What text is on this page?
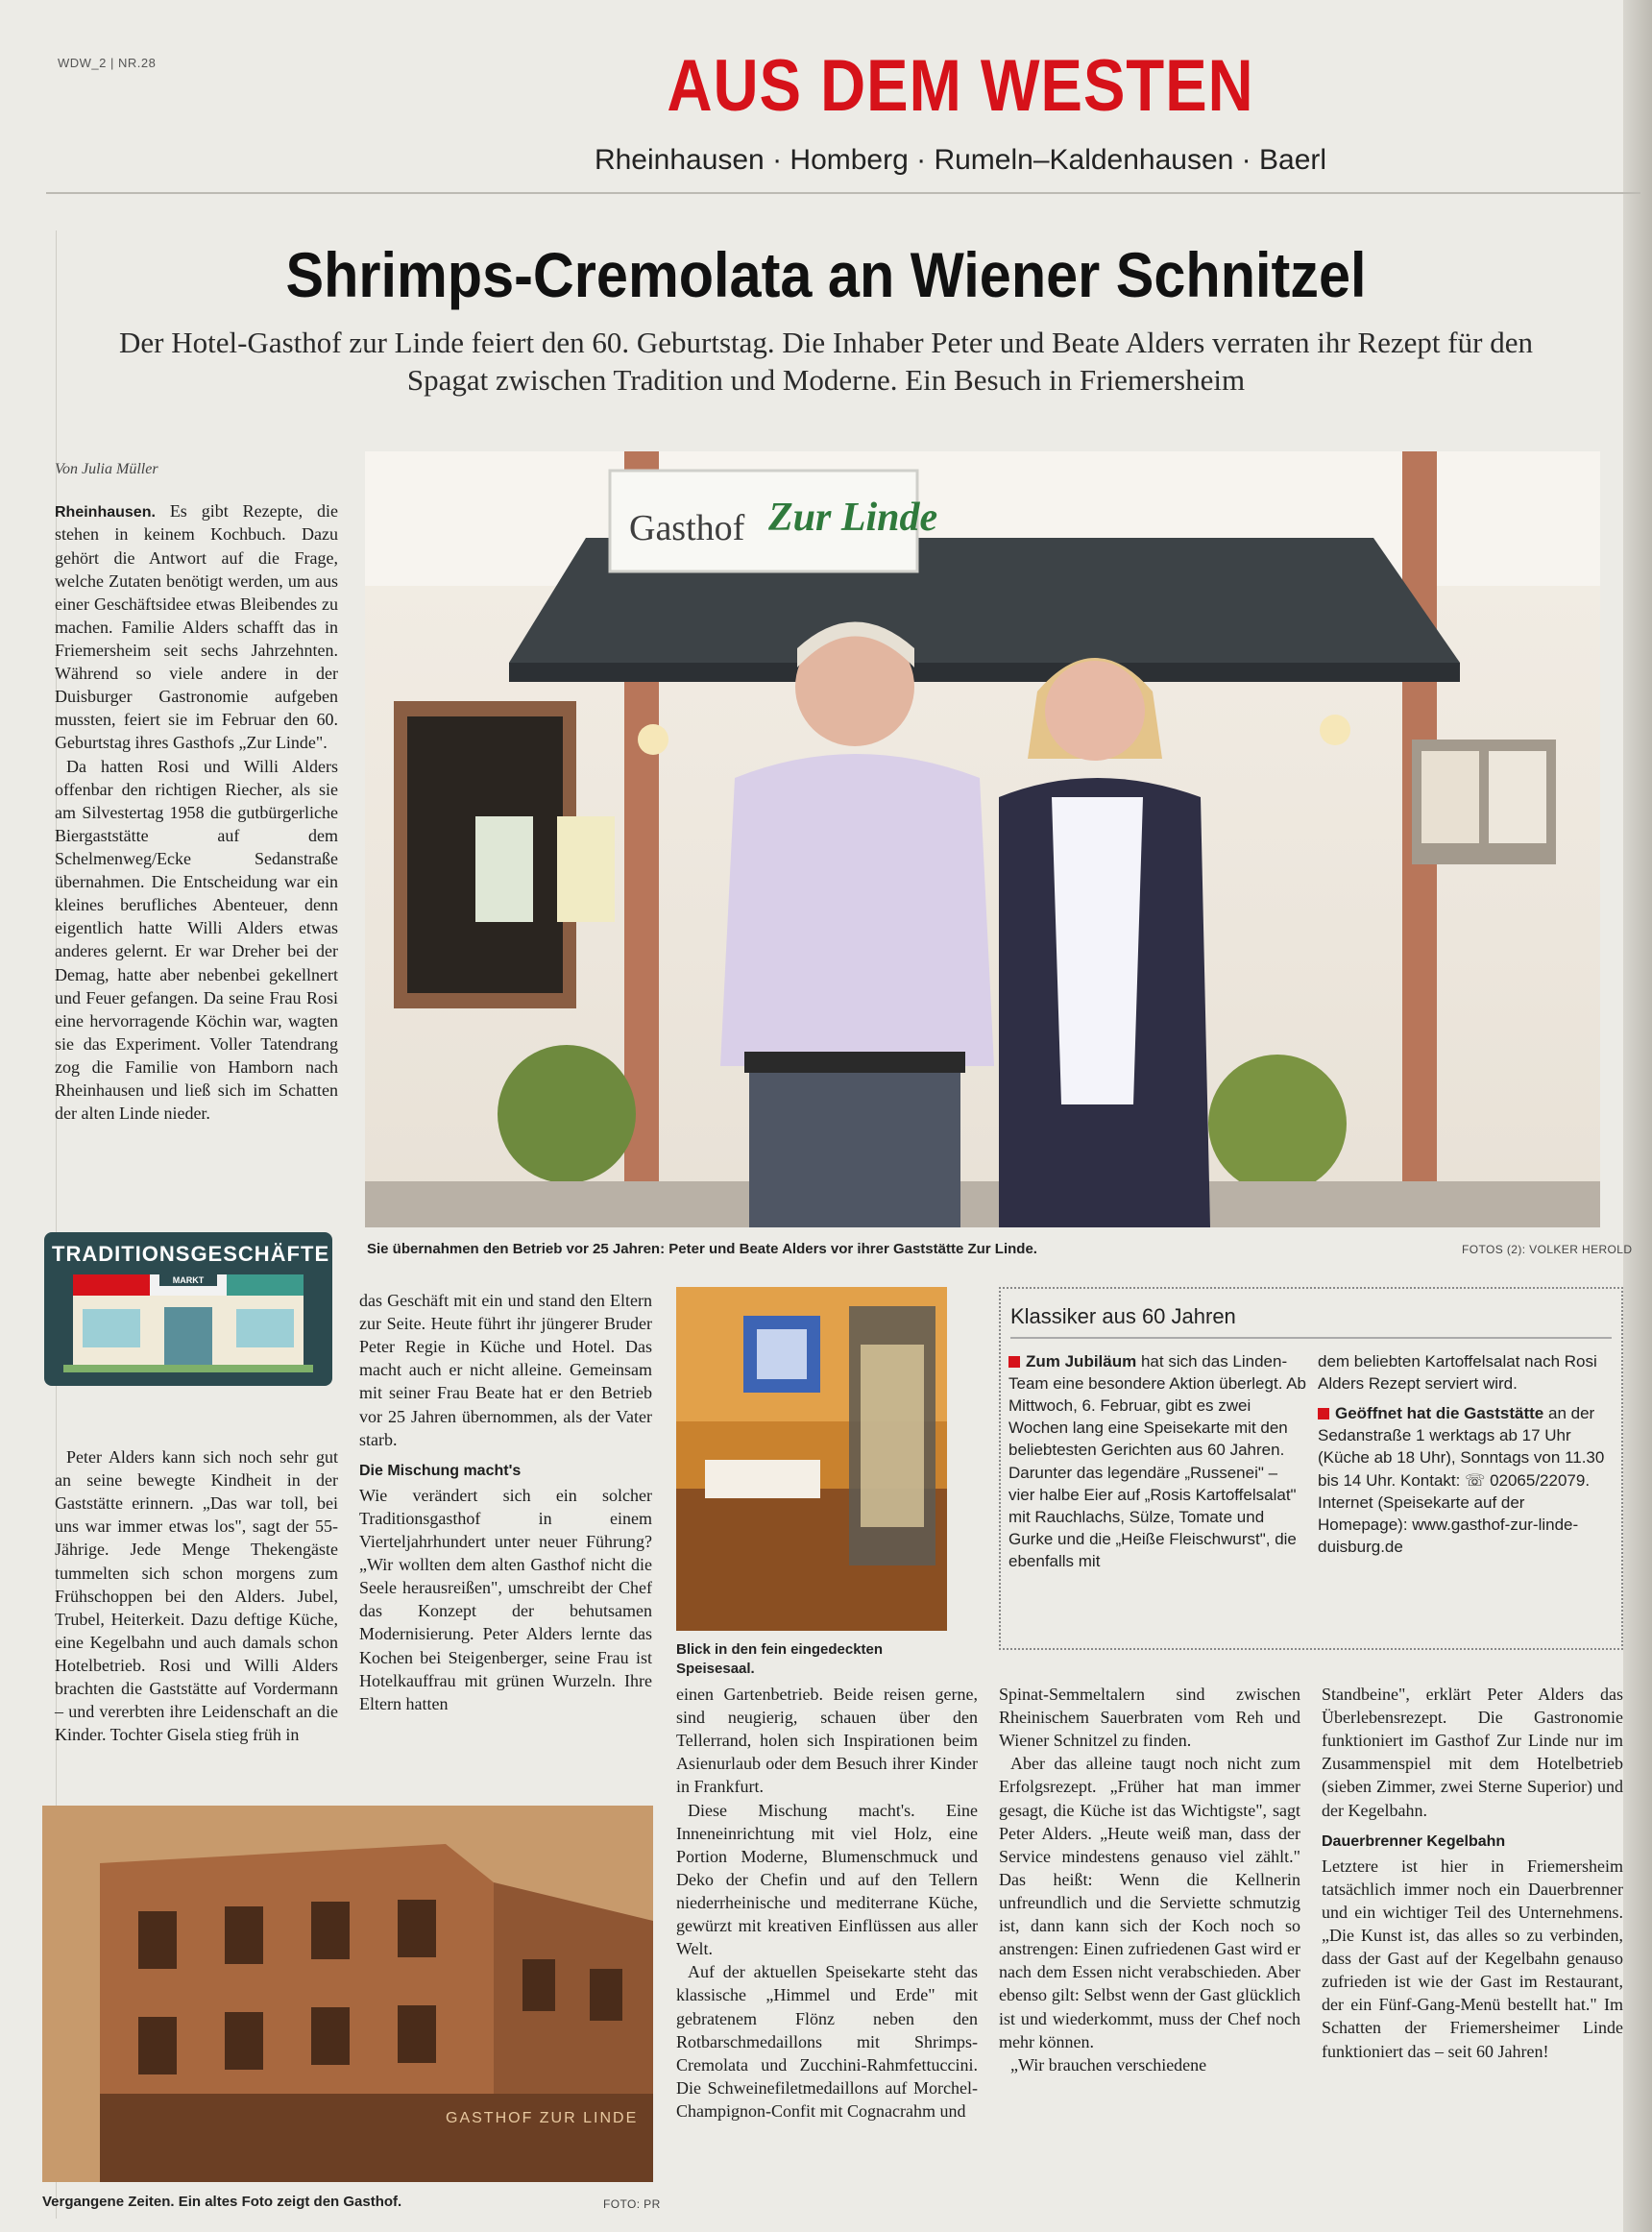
WDW_2 | NR.28	AUS DEM WESTEN
Rheinhausen · Homberg · Rumeln–Kaldenhausen · Baerl
Shrimps-Cremolata an Wiener Schnitzel
Der Hotel-Gasthof zur Linde feiert den 60. Geburtstag. Die Inhaber Peter und Beate Alders verraten ihr Rezept für den Spagat zwischen Tradition und Moderne. Ein Besuch in Friemersheim
Von Julia Müller

Rheinhausen. Es gibt Rezepte, die stehen in keinem Kochbuch. Dazu gehört die Antwort auf die Frage, welche Zutaten benötigt werden, um aus einer Geschäftsidee etwas Bleibendes zu machen. Familie Alders schafft das in Friemersheim seit sechs Jahrzehnten. Während so viele andere in der Duisburger Gastronomie aufgeben mussten, feiert sie im Februar den 60. Geburtstag ihres Gasthofs „Zur Linde".

Da hatten Rosi und Willi Alders offenbar den richtigen Riecher, als sie am Silvestertag 1958 die gutbürgerliche Biergaststätte auf dem Schelmenweg/Ecke Sedanstraße übernahmen. Die Entscheidung war ein kleines berufliches Abenteuer, denn eigentlich hatte Willi Alders etwas anderes gelernt. Er war Dreher bei der Demag, hatte aber nebenbei gekellnert und Feuer gefangen. Da seine Frau Rosi eine hervorragende Köchin war, wagten sie das Experiment. Voller Tatendrang zog die Familie von Hamborn nach Rheinhausen und ließ sich im Schatten der alten Linde nieder.

Gasthof Zur Linde
Sie übernahmen den Betrieb vor 25 Jahren: Peter und Beate Alders vor ihrer Gaststätte Zur Linde.	FOTOS (2): VOLKER HEROLD
TRADITIONSGESCHÄFTE
MARKT

Peter Alders kann sich noch sehr gut an seine bewegte Kindheit in der Gaststätte erinnern. „Das war toll, bei uns war immer etwas los", sagt der 55-Jährige. Jede Menge Thekengäste tummelten sich schon morgens zum Frühschoppen bei den Alders. Jubel, Trubel, Heiterkeit. Dazu deftige Küche, eine Kegelbahn und auch damals schon Hotelbetrieb. Rosi und Willi Alders brachten die Gaststätte auf Vordermann – und vererbten ihre Leidenschaft an die Kinder. Tochter Gisela stieg früh in

das Geschäft mit ein und stand den Eltern zur Seite. Heute führt ihr jüngerer Bruder Peter Regie in Küche und Hotel. Das macht auch er nicht alleine. Gemeinsam mit seiner Frau Beate hat er den Betrieb vor 25 Jahren übernommen, als der Vater starb.

Die Mischung macht's

Wie verändert sich ein solcher Traditionsgasthof in einem Vierteljahrhundert unter neuer Führung? „Wir wollten dem alten Gasthof nicht die Seele herausreißen", umschreibt der Chef das Konzept der behutsamen Modernisierung. Peter Alders lernte das Kochen bei Steigenberger, seine Frau ist Hotelkauffrau mit grünen Wurzeln. Ihre Eltern hatten

Blick in den fein eingedeckten Speisesaal.
Klassiker aus 60 Jahren
Zum Jubiläum hat sich das Linden-Team eine besondere Aktion überlegt. Ab Mittwoch, 6. Februar, gibt es zwei Wochen lang eine Speisekarte mit den beliebtesten Gerichten aus 60 Jahren. Darunter das legendäre „Russenei" – vier halbe Eier auf „Rosis Kartoffelsalat" mit Rauchlachs, Sülze, Tomate und Gurke und die „Heiße Fleischwurst", die ebenfalls mit
dem beliebten Kartoffelsalat nach Rosi Alders Rezept serviert wird.
Geöffnet hat die Gaststätte an der Sedanstraße 1 werktags ab 17 Uhr (Küche ab 18 Uhr), Sonntags von 11.30 bis 14 Uhr. Kontakt: ☏ 02065/22079. Internet (Speisekarte auf der Homepage): www.gasthof-zur-linde-duisburg.de

einen Gartenbetrieb. Beide reisen gerne, sind neugierig, schauen über den Tellerrand, holen sich Inspirationen beim Asienurlaub oder dem Besuch ihrer Kinder in Frankfurt.

Diese Mischung macht's. Eine Inneneinrichtung mit viel Holz, eine Portion Moderne, Blumenschmuck und Deko der Chefin und auf den Tellern niederrheinische und mediterrane Küche, gewürzt mit kreativen Einflüssen aus aller Welt.

Auf der aktuellen Speisekarte steht das klassische „Himmel und Erde" mit gebratenem Flönz neben den Rotbarschmedaillons mit Shrimps-Cremolata und Zucchini-Rahmfettuccini. Die Schweinefiletmedaillons auf Morchel-Champignon-Confit mit Cognacrahm und

Spinat-Semmeltalern sind zwischen Rheinischem Sauerbraten vom Reh und Wiener Schnitzel zu finden.

Aber das alleine taugt noch nicht zum Erfolgsrezept. „Früher hat man immer gesagt, die Küche ist das Wichtigste", sagt Peter Alders. „Heute weiß man, dass der Service mindestens genauso viel zählt." Das heißt: Wenn die Kellnerin unfreundlich und die Serviette schmutzig ist, dann kann sich der Koch noch so anstrengen: Einen zufriedenen Gast wird er nach dem Essen nicht verabschieden. Aber ebenso gilt: Selbst wenn der Gast glücklich ist und wiederkommt, muss der Chef noch mehr können.

„Wir brauchen verschiedene

Standbeine", erklärt Peter Alders das Überlebensrezept. Die Gastronomie funktioniert im Gasthof Zur Linde nur im Zusammenspiel mit dem Hotelbetrieb (sieben Zimmer, zwei Sterne Superior) und der Kegelbahn.

Dauerbrenner Kegelbahn

Letztere ist hier in Friemersheim tatsächlich immer noch ein Dauerbrenner und ein wichtiger Teil des Unternehmens. „Die Kunst ist, das alles so zu verbinden, dass der Gast auf der Kegelbahn genauso zufrieden ist wie der Gast im Restaurant, der ein Fünf-Gang-Menü bestellt hat." Im Schatten der Friemersheimer Linde funktioniert das – seit 60 Jahren!

GASTHOF ZUR LINDE
Vergangene Zeiten. Ein altes Foto zeigt den Gasthof.	FOTO: PR
